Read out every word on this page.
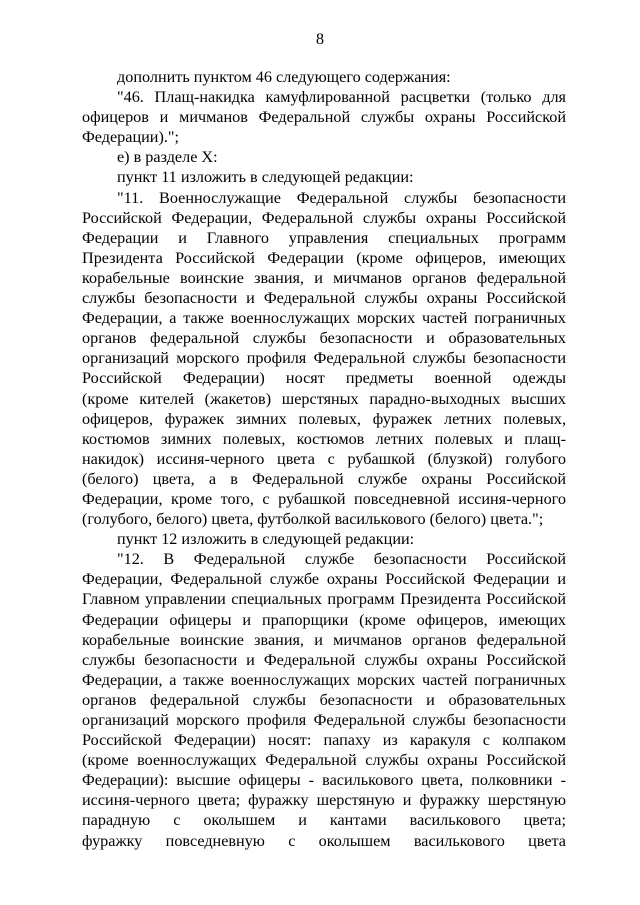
8
дополнить пунктом 46 следующего содержания:
"46. Плащ-накидка камуфлированной расцветки (только для
офицеров и мичманов Федеральной службы охраны Российской
Федерации).";
е) в разделе X:
пункт 11 изложить в следующей редакции:
"11. Военнослужащие Федеральной службы безопасности
Российской Федерации, Федеральной службы охраны Российской
Федерации и Главного управления специальных программ
Президента Российской Федерации (кроме офицеров, имеющих
корабельные воинские звания, и мичманов органов федеральной
службы безопасности и Федеральной службы охраны Российской
Федерации, а также военнослужащих морских частей пограничных
органов федеральной службы безопасности и образовательных
организаций морского профиля Федеральной службы безопасности
Российской Федерации) носят предметы военной одежды
(кроме кителей (жакетов) шерстяных парадно-выходных высших
офицеров, фуражек зимних полевых, фуражек летних полевых,
костюмов зимних полевых, костюмов летних полевых и плащ-
накидок) иссиня-черного цвета с рубашкой (блузкой) голубого
(белого) цвета, а в Федеральной службе охраны Российской
Федерации, кроме того, с рубашкой повседневной иссиня-черного
(голубого, белого) цвета, футболкой василькового (белого) цвета.";
пункт 12 изложить в следующей редакции:
"12. В Федеральной службе безопасности Российской
Федерации, Федеральной службе охраны Российской Федерации и
Главном управлении специальных программ Президента Российской
Федерации офицеры и прапорщики (кроме офицеров, имеющих
корабельные воинские звания, и мичманов органов федеральной
службы безопасности и Федеральной службы охраны Российской
Федерации, а также военнослужащих морских частей пограничных
органов федеральной службы безопасности и образовательных
организаций морского профиля Федеральной службы безопасности
Российской Федерации) носят: папаху из каракуля с колпаком
(кроме военнослужащих Федеральной службы охраны Российской
Федерации): высшие офицеры - василькового цвета, полковники -
иссиня-черного цвета; фуражку шерстяную и фуражку шерстяную
парадную с околышем и кантами василькового цвета;
фуражку повседневную с околышем василькового цвета
